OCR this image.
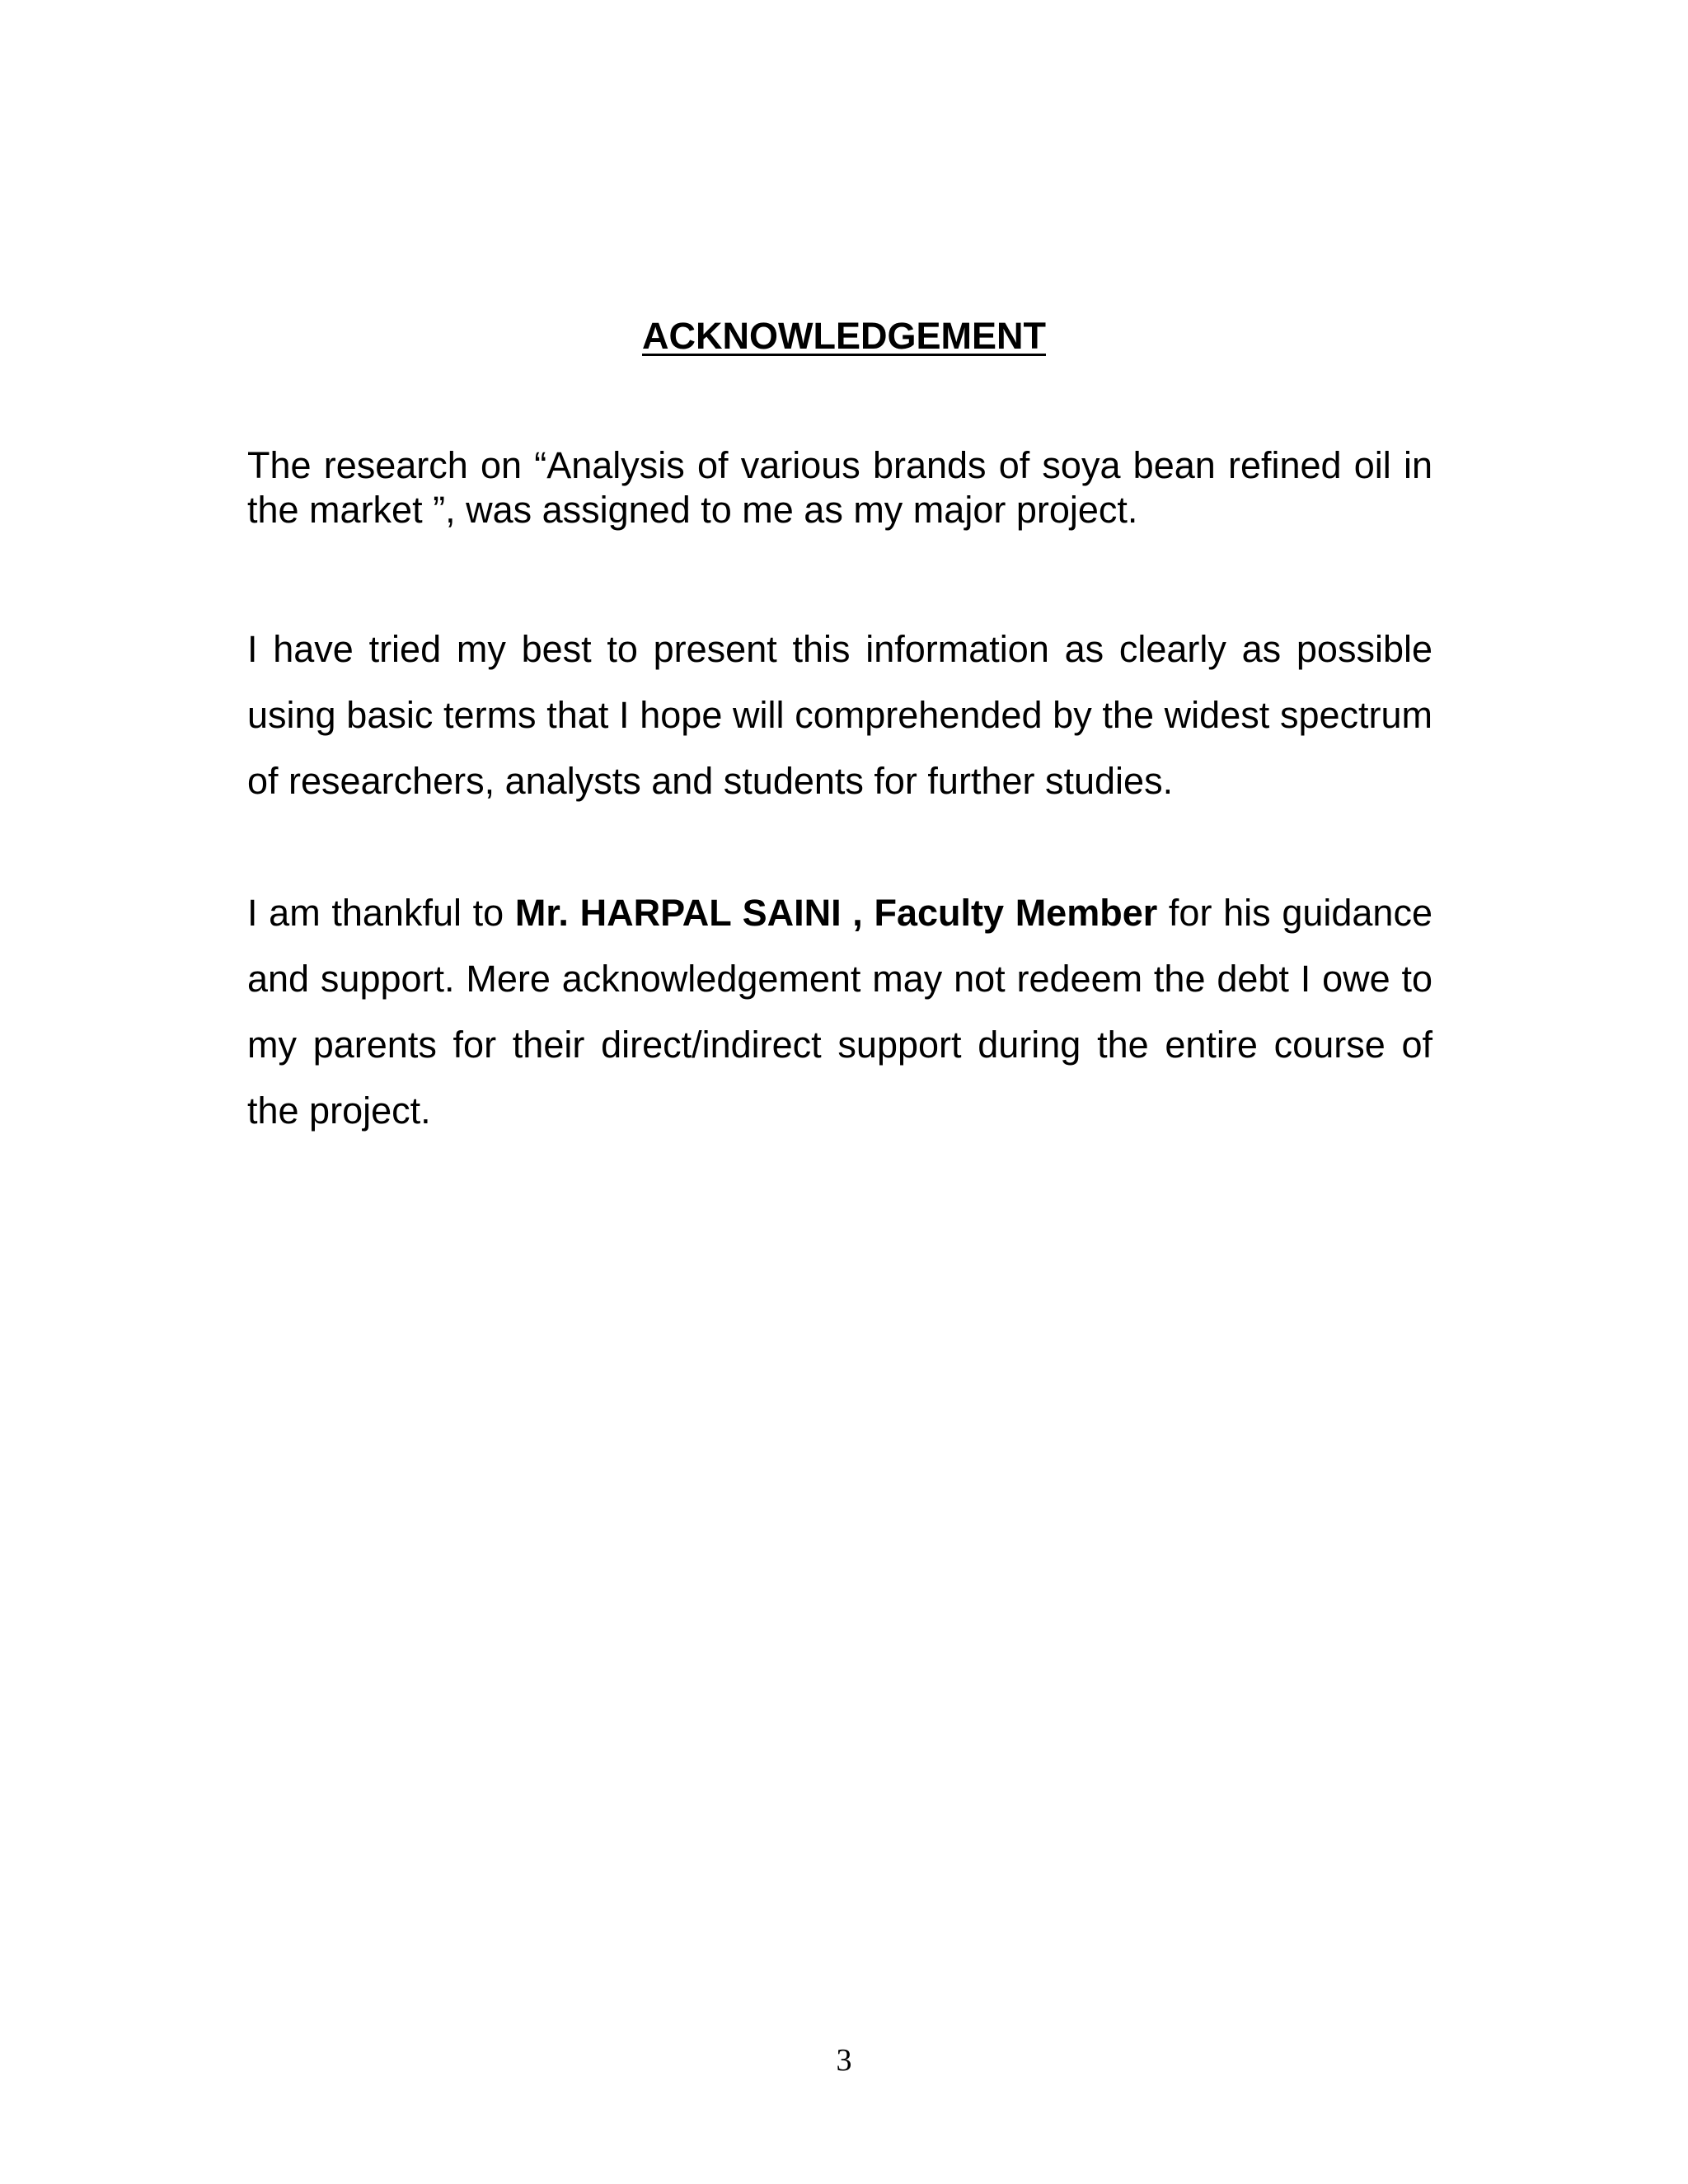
ACKNOWLEDGEMENT

The research on “Analysis of various brands of soya bean refined oil in the market ”, was assigned to me as my major project.

I have tried my best to present this information as clearly as possible using basic terms that I hope will comprehended by the widest spectrum of researchers, analysts and students for further studies.

I am thankful to Mr. HARPAL SAINI , Faculty Member for his guidance and support. Mere acknowledgement may not redeem the debt I owe to my parents for their direct/indirect support during the entire course of the project.

3
